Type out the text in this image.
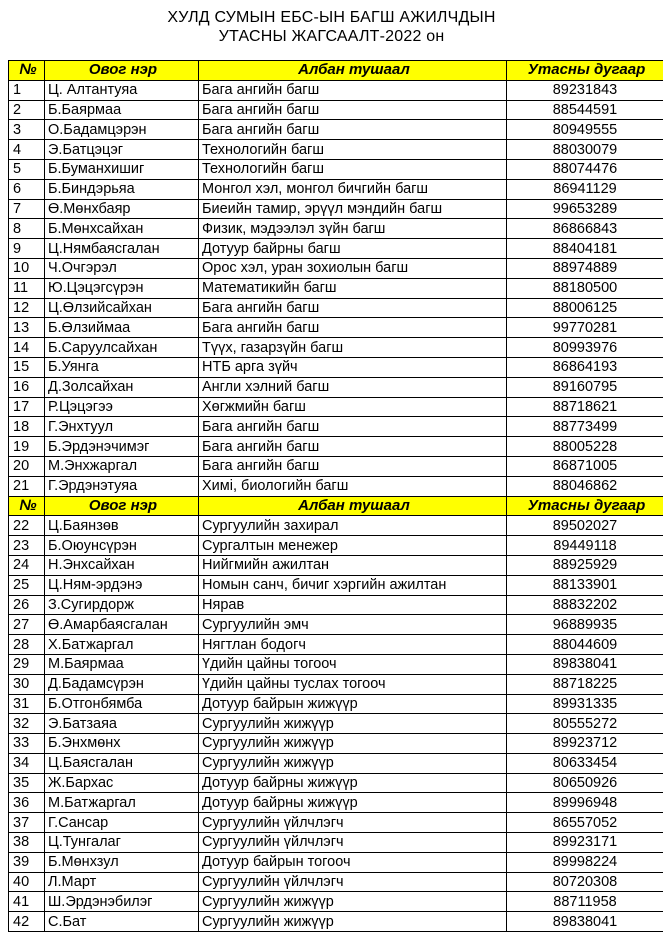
ХУЛД СУМЫН ЕБС-ЫН БАГШ АЖИЛЧДЫН
УТАСНЫ ЖАГСААЛТ-2022 он
№	Овог нэр	Албан тушаал	Утасны дугаар
1	Ц. Алтантуяа	Бага ангийн багш	89231843
2	Б.Баярмаа	Бага ангийн багш	88544591
3	О.Бадамцэрэн	Бага ангийн багш	80949555
4	Э.Батцэцэг	Технологийн багш	88030079
5	Б.Буманхишиг	Технологийн багш	88074476
6	Б.Биндэрьяа	Монгол хэл, монгол бичгийн багш	86941129
7	Ө.Мөнхбаяр	Биеийн тамир, эрүүл мэндийн багш	99653289
8	Б.Мөнхсайхан	Физик, мэдээлэл зүйн багш	86866843
9	Ц.Нямбаясгалан	Дотуур байрны багш	88404181
10	Ч.Очгэрэл	Орос хэл, уран зохиолын багш	88974889
11	Ю.Цэцэгсүрэн	Математикийн багш	88180500
12	Ц.Өлзийсайхан	Бага ангийн багш	88006125
13	Б.Өлзиймаа	Бага ангийн багш	99770281
14	Б.Саруулсайхан	Түүх, газарзүйн багш	80993976
15	Б.Уянга	НТБ арга зүйч	86864193
16	Д.Золсайхан	Англи хэлний багш	89160795
17	Р.Цэцэгээ	Хөгжмийн багш	88718621
18	Г.Энхтуул	Бага ангийн багш	88773499
19	Б.Эрдэнэчимэг	Бага ангийн багш	88005228
20	М.Энхжаргал	Бага ангийн багш	86871005
21	Г.Эрдэнэтуяа	Химi, биологийн багш	88046862
№	Овог нэр	Албан тушаал	Утасны дугаар
22	Ц.Баянзөв	Сургуулийн захирал	89502027
23	Б.Оюунсүрэн	Сургалтын менежер	89449118
24	Н.Энхсайхан	Нийгмийн ажилтан	88925929
25	Ц.Ням-эрдэнэ	Номын санч, бичиг хэргийн ажилтан	88133901
26	З.Сугирдорж	Нярав	88832202
27	Ө.Амарбаясгалан	Сургуулийн эмч	96889935
28	Х.Батжаргал	Нягтлан бодогч	88044609
29	М.Баярмаа	Үдийн цайны тогооч	89838041
30	Д.Бадамсүрэн	Үдийн цайны туслах тогооч	88718225
31	Б.Отгонбямба	Дотуур байрын жижүүр	89931335
32	Э.Батзаяа	Сургуулийн жижүүр	80555272
33	Б.Энхмөнх	Сургуулийн жижүүр	89923712
34	Ц.Баясгалан	Сургуулийн жижүүр	80633454
35	Ж.Бархас	Дотуур байрны жижүүр	80650926
36	М.Батжаргал	Дотуур байрны жижүүр	89996948
37	Г.Сансар	Сургуулийн үйлчлэгч	86557052
38	Ц.Тунгалаг	Сургуулийн үйлчлэгч	89923171
39	Б.Мөнхзул	Дотуур байрын тогооч	89998224
40	Л.Март	Сургуулийн үйлчлэгч	80720308
41	Ш.Эрдэнэбилэг	Сургуулийн жижүүр	88711958
42	С.Бат	Сургуулийн жижүүр	89838041
